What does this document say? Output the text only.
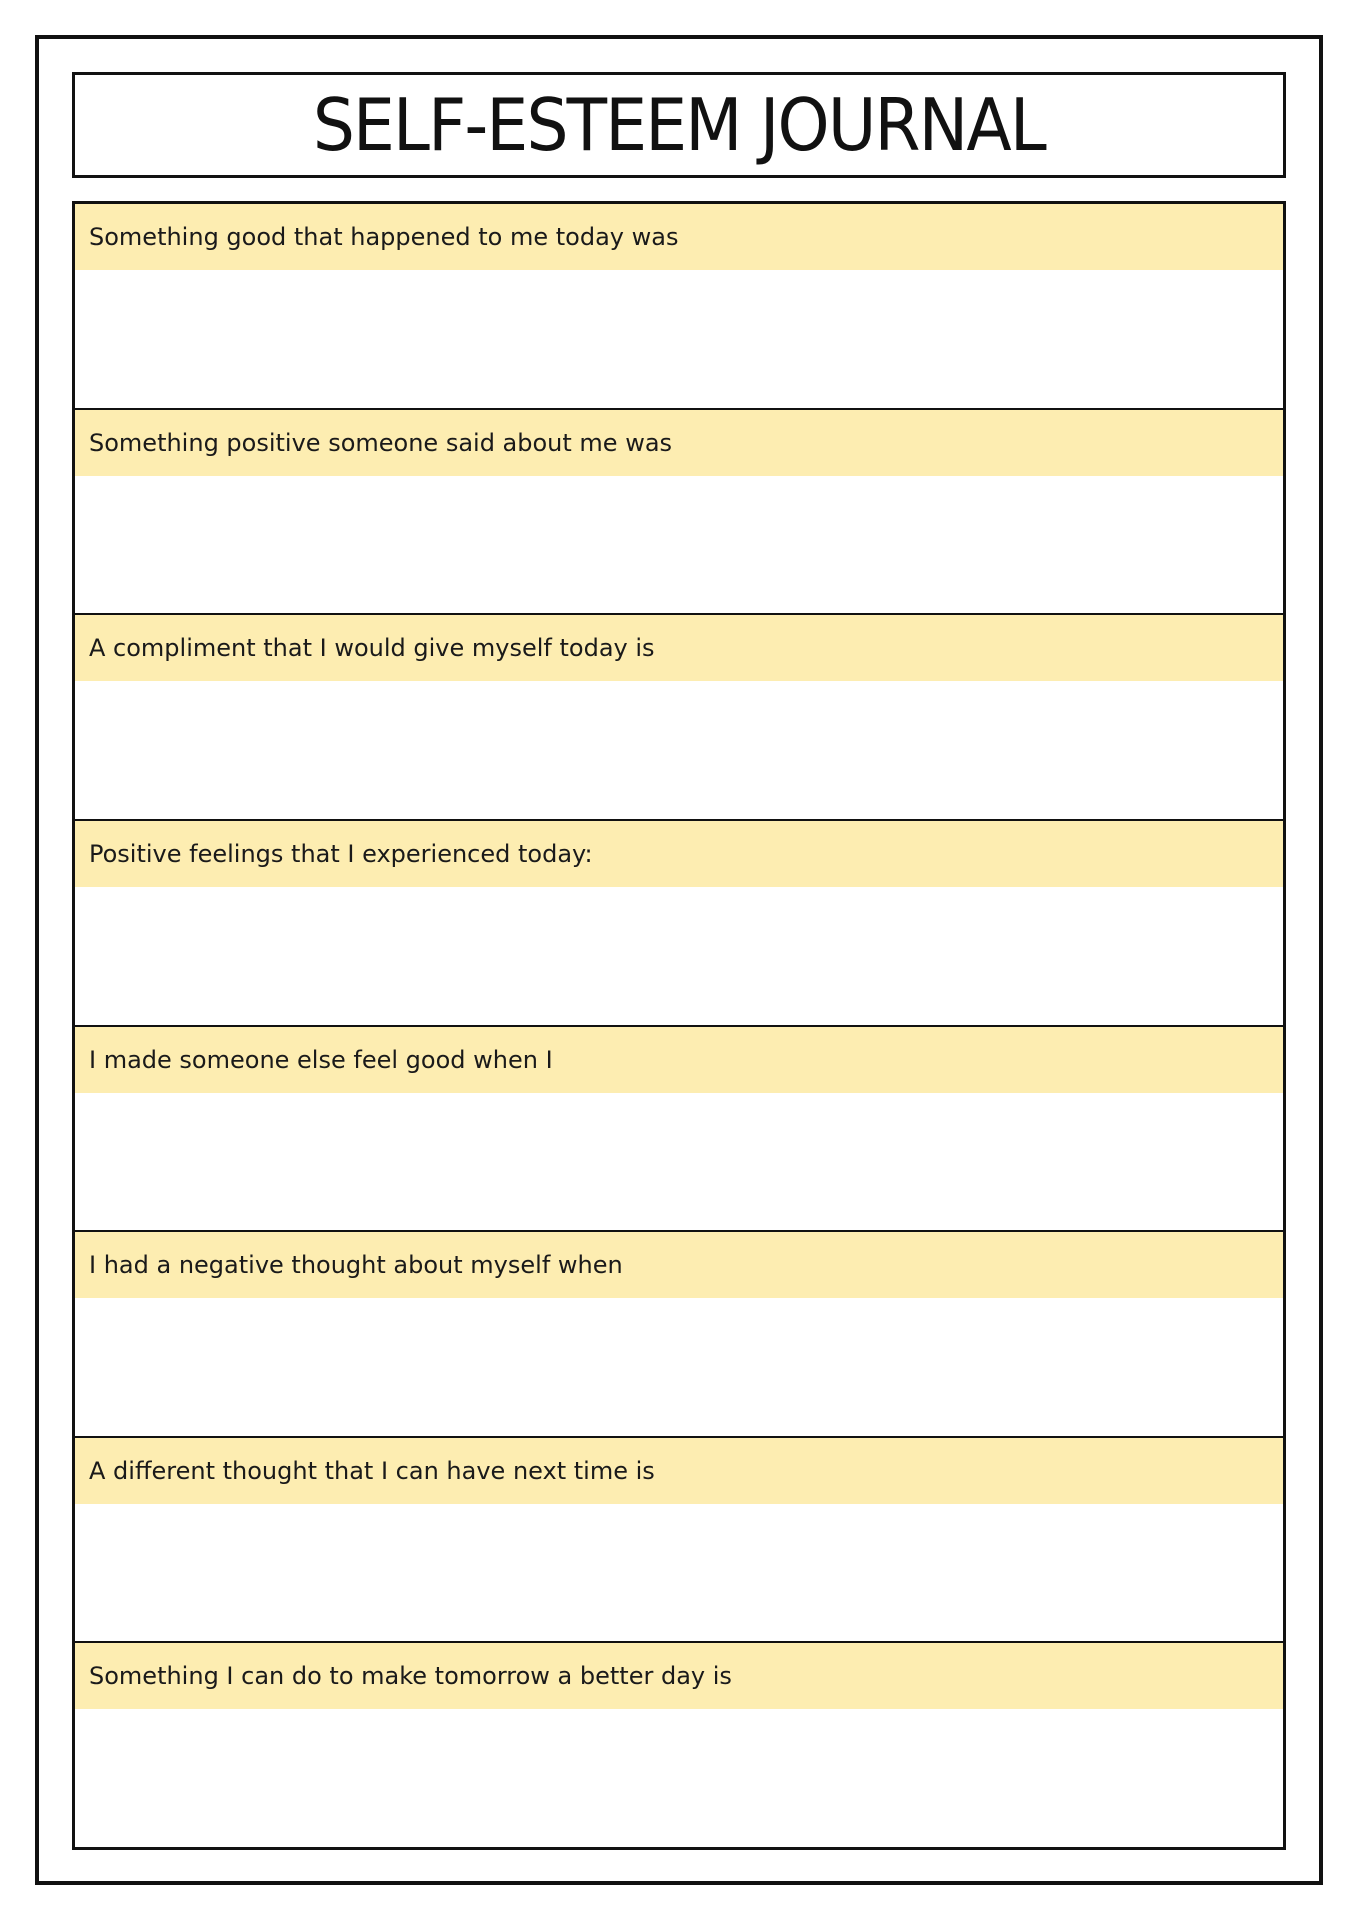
SELF-ESTEEM JOURNAL
Something good that happened to me today was
Something positive someone said about me was
A compliment that I would give myself today is
Positive feelings that I experienced today:
I made someone else feel good when I
I had a negative thought about myself when
A different thought that I can have next time is
Something I can do to make tomorrow a better day is
